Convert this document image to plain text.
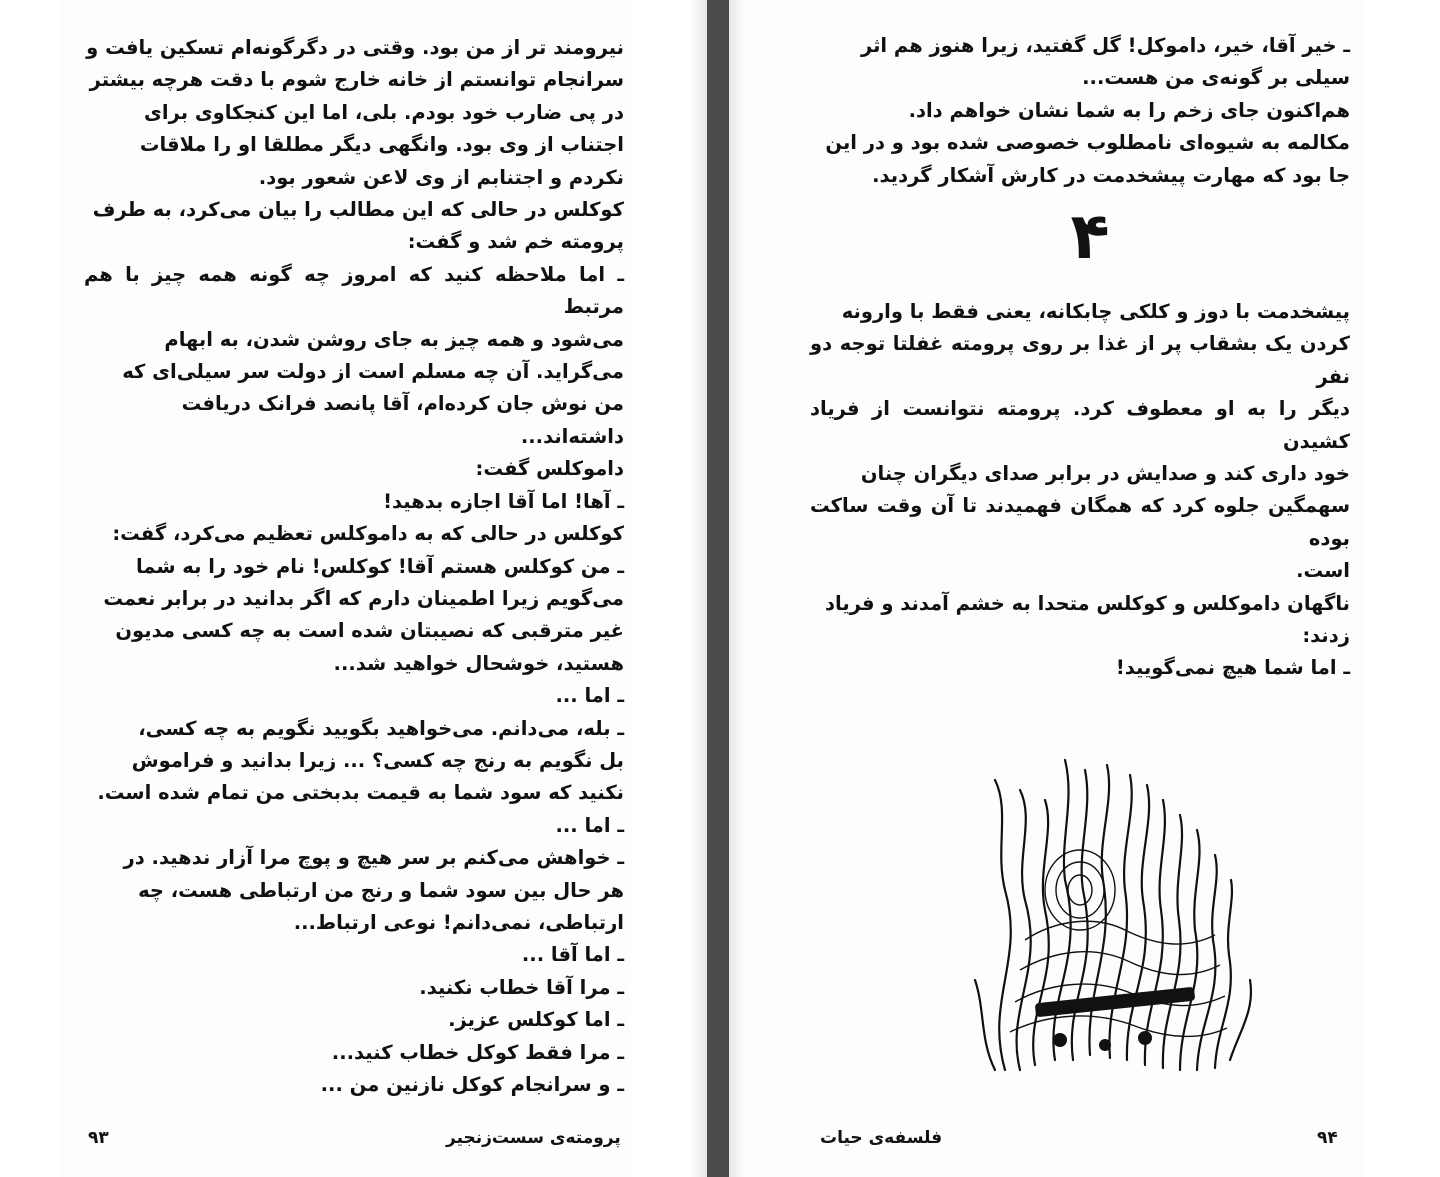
نیرومند تر از من بود. وقتی در دگرگونه‌ام تسکین یافت و

سرانجام توانستم از خانه خارج شوم با دقت هرچه بیشتر

در پی ضارب خود بودم. بلی، اما این کنجکاوی برای

اجتناب از وی بود. وانگهی دیگر مطلقا او را ملاقات

نکردم و اجتنابم از وی لاعن شعور بود.

کوکلس در حالی که این مطالب را بیان می‌کرد، به طرف

پرومته خم شد و گفت:

ـ اما ملاحظه کنید که امروز چه گونه همه چیز با هم مرتبط

می‌شود و همه چیز به جای روشن شدن، به ابهام

می‌گراید. آن چه مسلم است از دولت سر سیلی‌ای که

من نوش جان کرده‌ام، آقا پانصد فرانک دریافت

داشته‌اند...

داموکلس گفت:

ـ آها! اما آقا اجازه بدهید!

کوکلس در حالی که به داموکلس تعظیم می‌کرد، گفت:

ـ من کوکلس هستم آقا! کوکلس! نام خود را به شما

می‌گویم زیرا اطمینان دارم که اگر بدانید در برابر نعمت

غیر مترقبی که نصیبتان شده است به چه کسی مدیون

هستید، خوشحال خواهید شد...

ـ اما ...

ـ بله، می‌دانم. می‌خواهید بگویید نگویم به چه کسی،

بل نگویم به رنج چه کسی؟ ... زیرا بدانید و فراموش

نکنید که سود شما به قیمت بدبختی من تمام شده است.

ـ اما ...

ـ خواهش می‌کنم بر سر هیچ و پوچ مرا آزار ندهید. در

هر حال بین سود شما و رنج من ارتباطی هست، چه

ارتباطی، نمی‌دانم! نوعی ارتباط...

ـ اما آقا ...

ـ مرا آقا خطاب نکنید.

ـ اما کوکلس عزیز.

ـ مرا فقط کوکل خطاب کنید...

ـ و سرانجام کوکل نازنین من ...

۹۳	پرومته‌ی سست‌زنجیر

ـ خیر آقا، خیر، داموکل! گل گفتید، زیرا هنوز هم اثر

سیلی بر گونه‌ی من هست...

هم‌اکنون جای زخم را به شما نشان خواهم داد.

مکالمه به شیوه‌ای نامطلوب خصوصی شده بود و در این

جا بود که مهارت پیشخدمت در کارش آشکار گردید.

۴

پیشخدمت با دوز و کلکی چابکانه، یعنی فقط با وارونه

کردن یک بشقاب پر از غذا بر روی پرومته غفلتا توجه دو نفر

دیگر را به او معطوف کرد. پرومته نتوانست از فریاد کشیدن

خود داری کند و صدایش در برابر صدای دیگران چنان

سهمگین جلوه کرد که همگان فهمیدند تا آن وقت ساکت بوده

است.

ناگهان داموکلس و کوکلس متحدا به خشم آمدند و فریاد

زدند:

ـ اما شما هیچ نمی‌گویید!

۹۴
فلسفه‌ی حیات
